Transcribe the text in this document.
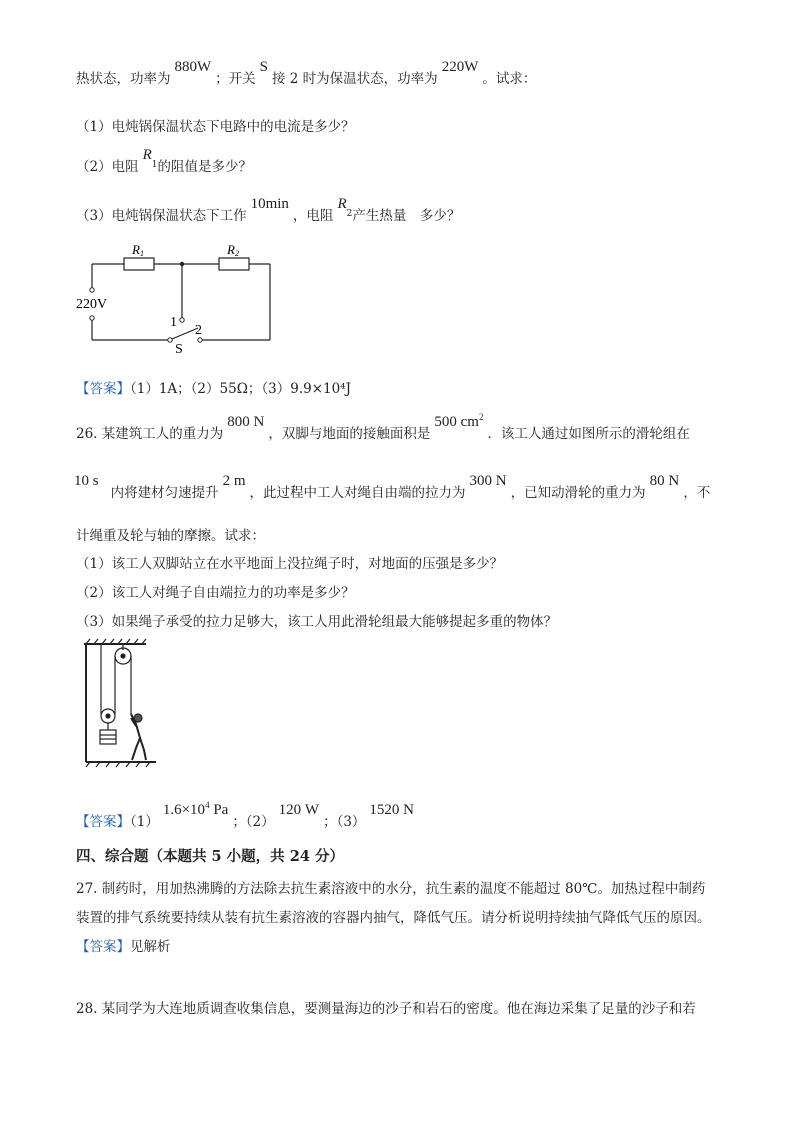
热状态，功率为880W；开关S接 2 时为保温状态，功率为220W。试求：
（1）电炖锅保温状态下电路中的电流是多少？
（2）电阻$R_1$的阻值是多少？
（3）电炖锅保温状态下工作10min，电阻$R_2$产生热量　多少？
R1	R2
220V
1
2
S
【答案】（1）1A；（2）55Ω；（3）9.9×10⁴J
26. 某建筑工人的重力为800 N，双脚与地面的接触面积是500 $cm^2$．该工人通过如图所示的滑轮组在
10 s内将建材匀速提升2 m，此过程中工人对绳自由端的拉力为300 N，已知动滑轮的重力为80 N，不
计绳重及轮与轴的摩擦。试求：
（1）该工人双脚站立在水平地面上没拉绳子时，对地面的压强是多少？
（2）该工人对绳子自由端拉力的功率是多少？
（3）如果绳子承受的拉力足够大，该工人用此滑轮组最大能够提起多重的物体？
【答案】$(1)1.6\times 10^4$ Pa；（2）120 W；（3）1520 N
四、综合题（本题共 5 小题，共 24 分）
27. 制药时，用加热沸腾的方法除去抗生素溶液中的水分，抗生素的温度不能超过 80℃。加热过程中制药
装置的排气系统要持续从装有抗生素溶液的容器内抽气，降低气压。请分析说明持续抽气降低气压的原因。
【答案】见解析
28. 某同学为大连地质调查收集信息，要测量海边的沙子和岩石的密度。他在海边采集了足量的沙子和若
